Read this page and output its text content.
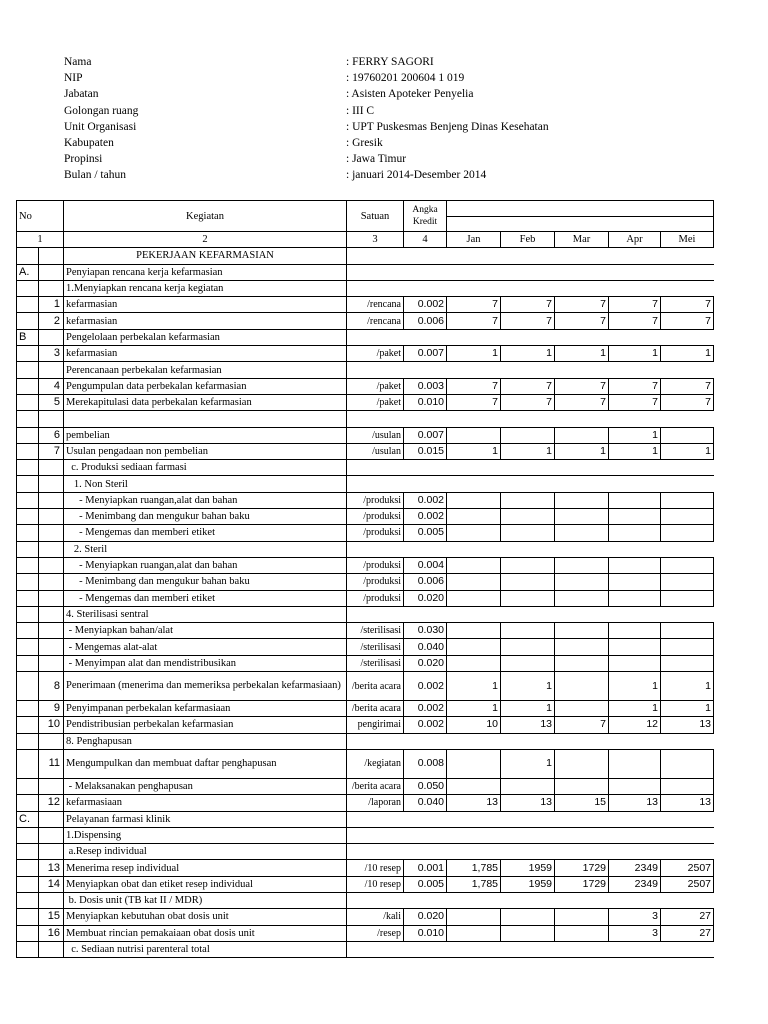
Nama	: FERRY SAGORI
NIP	: 19760201 200604 1 019
Jabatan	: Asisten Apoteker Penyelia
Golongan ruang	: III C
Unit Organisasi	: UPT Puskesmas Benjeng Dinas Kesehatan
Kabupaten	: Gresik
Propinsi	: Jawa Timur
Bulan / tahun	: januari 2014-Desember 2014
No		Kegiatan	Satuan	Angka Kredit					

1		2	3	4	Jan	Feb	Mar	Apr	Mei
		PEKERJAAN KEFARMASIAN							
A.		Penyiapan rencana kerja kefarmasian							
		1.Menyiapkan rencana kerja kegiatan							
	1	kefarmasian	/rencana	0.002	7	7	7	7	7
	2	kefarmasian	/rencana	0.006	7	7	7	7	7
B		Pengelolaan perbekalan kefarmasian							
	3	kefarmasian	/paket	0.007	1	1	1	1	1
		Perencanaan perbekalan kefarmasian							
	4	Pengumpulan data perbekalan kefarmasian	/paket	0.003	7	7	7	7	7
	5	Merekapitulasi data perbekalan kefarmasian	/paket	0.010	7	7	7	7	7

	6	pembelian	/usulan	0.007				1	
	7	Usulan pengadaan non pembelian	/usulan	0.015	1	1	1	1	1
		c. Produksi sediaan farmasi							
		1. Non Steril							
		- Menyiapkan ruangan,alat dan bahan	/produksi	0.002					
		- Menimbang dan mengukur bahan baku	/produksi	0.002					
		- Mengemas dan memberi etiket	/produksi	0.005					
		2. Steril							
		- Menyiapkan ruangan,alat dan bahan	/produksi	0.004					
		- Menimbang dan mengukur bahan baku	/produksi	0.006					
		- Mengemas dan memberi etiket	/produksi	0.020					
		4. Sterilisasi sentral							
		- Menyiapkan bahan/alat	/sterilisasi	0.030					
		- Mengemas alat-alat	/sterilisasi	0.040					
		- Menyimpan alat dan mendistribusikan	/sterilisasi	0.020					
	8	Penerimaan (menerima dan memeriksa perbekalan kefarmasiaan)	/berita acara	0.002	1	1		1	1
	9	Penyimpanan perbekalan kefarmasiaan	/berita acara	0.002	1	1		1	1
	10	Pendistribusian perbekalan kefarmasian	pengirimai	0.002	10	13	7	12	13
		8. Penghapusan							
	11	Mengumpulkan dan membuat daftar penghapusan	/kegiatan	0.008		1			
		- Melaksanakan penghapusan	/berita acara	0.050					
	12	kefarmasiaan	/laporan	0.040	13	13	15	13	13
C.		Pelayanan farmasi klinik							
		1.Dispensing							
		a.Resep individual							
	13	Menerima resep individual	/10 resep	0.001	1,785	1959	1729	2349	2507
	14	Menyiapkan obat dan etiket resep individual	/10 resep	0.005	1,785	1959	1729	2349	2507
		b. Dosis unit (TB kat II / MDR)							
	15	Menyiapkan kebutuhan obat dosis unit	/kali	0.020				3	27
	16	Membuat rincian pemakaiaan obat dosis unit	/resep	0.010				3	27
		c. Sediaan nutrisi parenteral total							
